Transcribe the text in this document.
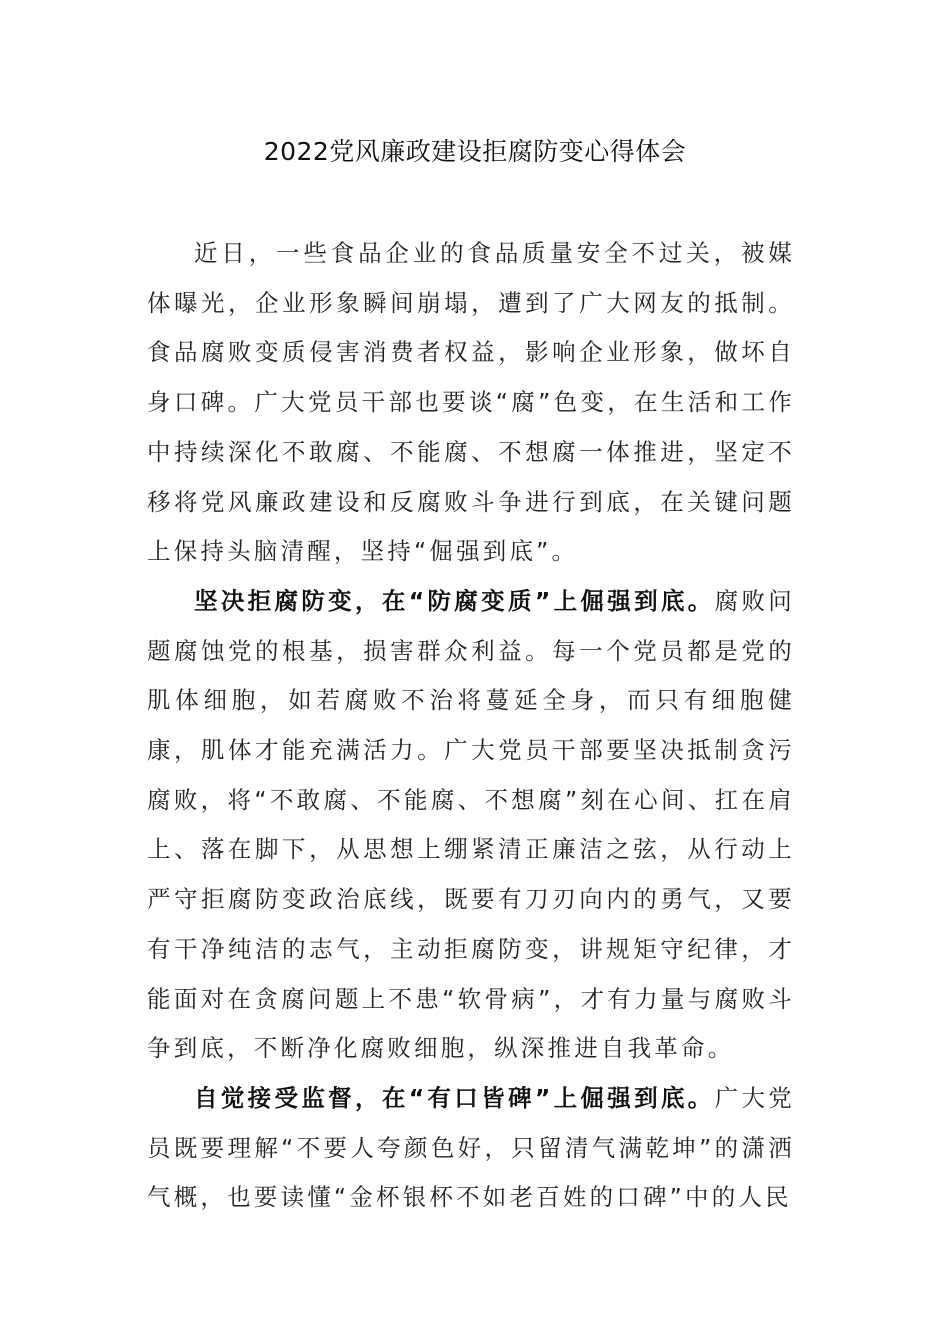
2022党风廉政建设拒腐防变心得体会

近日，一些食品企业的食品质量安全不过关，被媒体曝光，企业形象瞬间崩塌，遭到了广大网友的抵制。食品腐败变质侵害消费者权益，影响企业形象，做坏自身口碑。广大党员干部也要谈“腐”色变，在生活和工作中持续深化不敢腐、不能腐、不想腐一体推进，坚定不移将党风廉政建设和反腐败斗争进行到底，在关键问题上保持头脑清醒，坚持“倔强到底”。

坚决拒腐防变，在“防腐变质”上倔强到底。腐败问题腐蚀党的根基，损害群众利益。每一个党员都是党的肌体细胞，如若腐败不治将蔓延全身，而只有细胞健康，肌体才能充满活力。广大党员干部要坚决抵制贪污腐败，将“不敢腐、不能腐、不想腐”刻在心间、扛在肩上、落在脚下，从思想上绷紧清正廉洁之弦，从行动上严守拒腐防变政治底线，既要有刀刃向内的勇气，又要有干净纯洁的志气，主动拒腐防变，讲规矩守纪律，才能面对在贪腐问题上不患“软骨病”，才有力量与腐败斗争到底，不断净化腐败细胞，纵深推进自我革命。

自觉接受监督，在“有口皆碑”上倔强到底。广大党员既要理解“不要人夸颜色好，只留清气满乾坤”的潇洒气概，也要读懂“金杯银杯不如老百姓的口碑”中的人民
